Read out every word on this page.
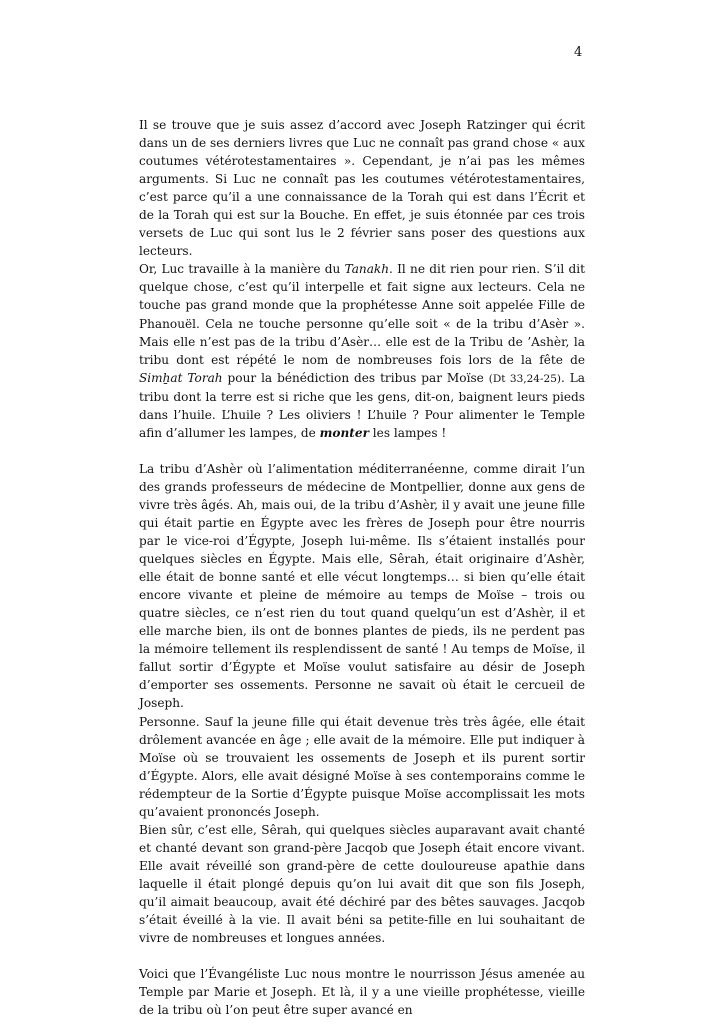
4

Il se trouve que je suis assez d’accord avec Joseph Ratzinger qui écrit dans un de ses derniers livres que Luc ne connaît pas grand chose « aux coutumes vétérotestamentaires ». Cependant, je n’ai pas les mêmes arguments. Si Luc ne connaît pas les coutumes vétérotestamentaires, c’est parce qu’il a une connaissance de la Torah qui est dans l’Écrit et de la Torah qui est sur la Bouche. En effet, je suis étonnée par ces trois versets de Luc qui sont lus le 2 février sans poser des questions aux lecteurs.

Or, Luc travaille à la manière du Tanakh. Il ne dit rien pour rien. S’il dit quelque chose, c’est qu’il interpelle et fait signe aux lecteurs. Cela ne touche pas grand monde que la prophétesse Anne soit appelée Fille de Phanouël. Cela ne touche personne qu’elle soit « de la tribu d’Asèr ». Mais elle n’est pas de la tribu d’Asèr… elle est de la Tribu de ’Ashèr, la tribu dont est répété le nom de nombreuses fois lors de la fête de Simẖat Torah pour la bénédiction des tribus par Moïse (Dt 33,24-25). La tribu dont la terre est si riche que les gens, dit-on, baignent leurs pieds dans l’huile. L’huile ? Les oliviers ! L’huile ? Pour alimenter le Temple afin d’allumer les lampes, de monter les lampes !

La tribu d’Ashèr où l’alimentation méditerranéenne, comme dirait l’un des grands professeurs de médecine de Montpellier, donne aux gens de vivre très âgés. Ah, mais oui, de la tribu d’Ashèr, il y avait une jeune fille qui était partie en Égypte avec les frères de Joseph pour être nourris par le vice-roi d’Égypte, Joseph lui-même. Ils s’étaient installés pour quelques siècles en Égypte. Mais elle, Sêrah, était originaire d’Ashèr, elle était de bonne santé et elle vécut longtemps… si bien qu’elle était encore vivante et pleine de mémoire au temps de Moïse – trois ou quatre siècles, ce n’est rien du tout quand quelqu’un est d’Ashèr, il et elle marche bien, ils ont de bonnes plantes de pieds, ils ne perdent pas la mémoire tellement ils resplendissent de santé ! Au temps de Moïse, il fallut sortir d’Égypte et Moïse voulut satisfaire au désir de Joseph d’emporter ses ossements. Personne ne savait où était le cercueil de Joseph.

Personne. Sauf la jeune fille qui était devenue très très âgée, elle était drôlement avancée en âge ; elle avait de la mémoire. Elle put indiquer à Moïse où se trouvaient les ossements de Joseph et ils purent sortir d’Égypte. Alors, elle avait désigné Moïse à ses contemporains comme le rédempteur de la Sortie d’Égypte puisque Moïse accomplissait les mots qu’avaient prononcés Joseph.

Bien sûr, c’est elle, Sêrah, qui quelques siècles auparavant avait chanté et chanté devant son grand-père Jacqob que Joseph était encore vivant. Elle avait réveillé son grand-père de cette douloureuse apathie dans laquelle il était plongé depuis qu’on lui avait dit que son fils Joseph, qu’il aimait beaucoup, avait été déchiré par des bêtes sauvages. Jacqob s’était éveillé à la vie. Il avait béni sa petite-fille en lui souhaitant de vivre de nombreuses et longues années.

Voici que l’Évangéliste Luc nous montre le nourrisson Jésus amenée au Temple par Marie et Joseph. Et là, il y a une vieille prophétesse, vieille de la tribu où l’on peut être super avancé en
